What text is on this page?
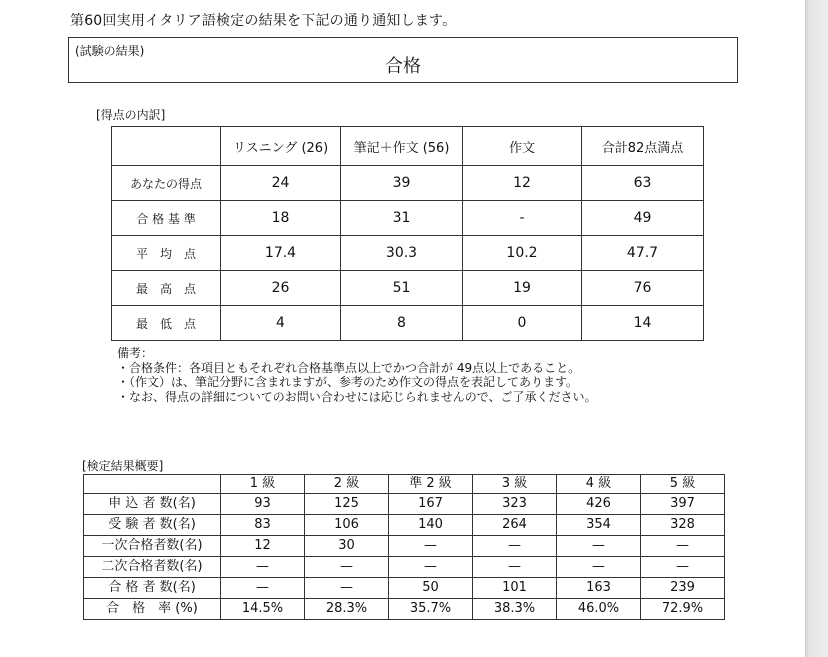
第60回実用イタリア語検定の結果を下記の通り通知します。
(試験の結果)
合格
[得点の内訳]
	リスニング (26)	筆記＋作文 (56)	作文	合計82点満点
あなたの得点	24	39	12	63
合 格 基 準	18	31	-	49
平　均　点	17.4	30.3	10.2	47.7
最　高　点	26	51	19	76
最　低　点	4	8	0	14
備考：
・合格条件：各項目ともそれぞれ合格基準点以上でかつ合計が 49点以上であること。
・（作文）は、筆記分野に含まれますが、参考のため作文の得点を表記してあります。
・なお、得点の詳細についてのお問い合わせには応じられませんので、ご了承ください。
[検定結果概要]
	1 級	2 級	準 2 級	3 級	4 級	5 級
申 込 者 数(名)	93	125	167	323	426	397
受 験 者 数(名)	83	106	140	264	354	328
一次合格者数(名)	12	30	—	—	—	—
二次合格者数(名)	—	—	—	—	—	—
合 格 者 数(名)	—	—	50	101	163	239
合　格　率 (%)	14.5%	28.3%	35.7%	38.3%	46.0%	72.9%
